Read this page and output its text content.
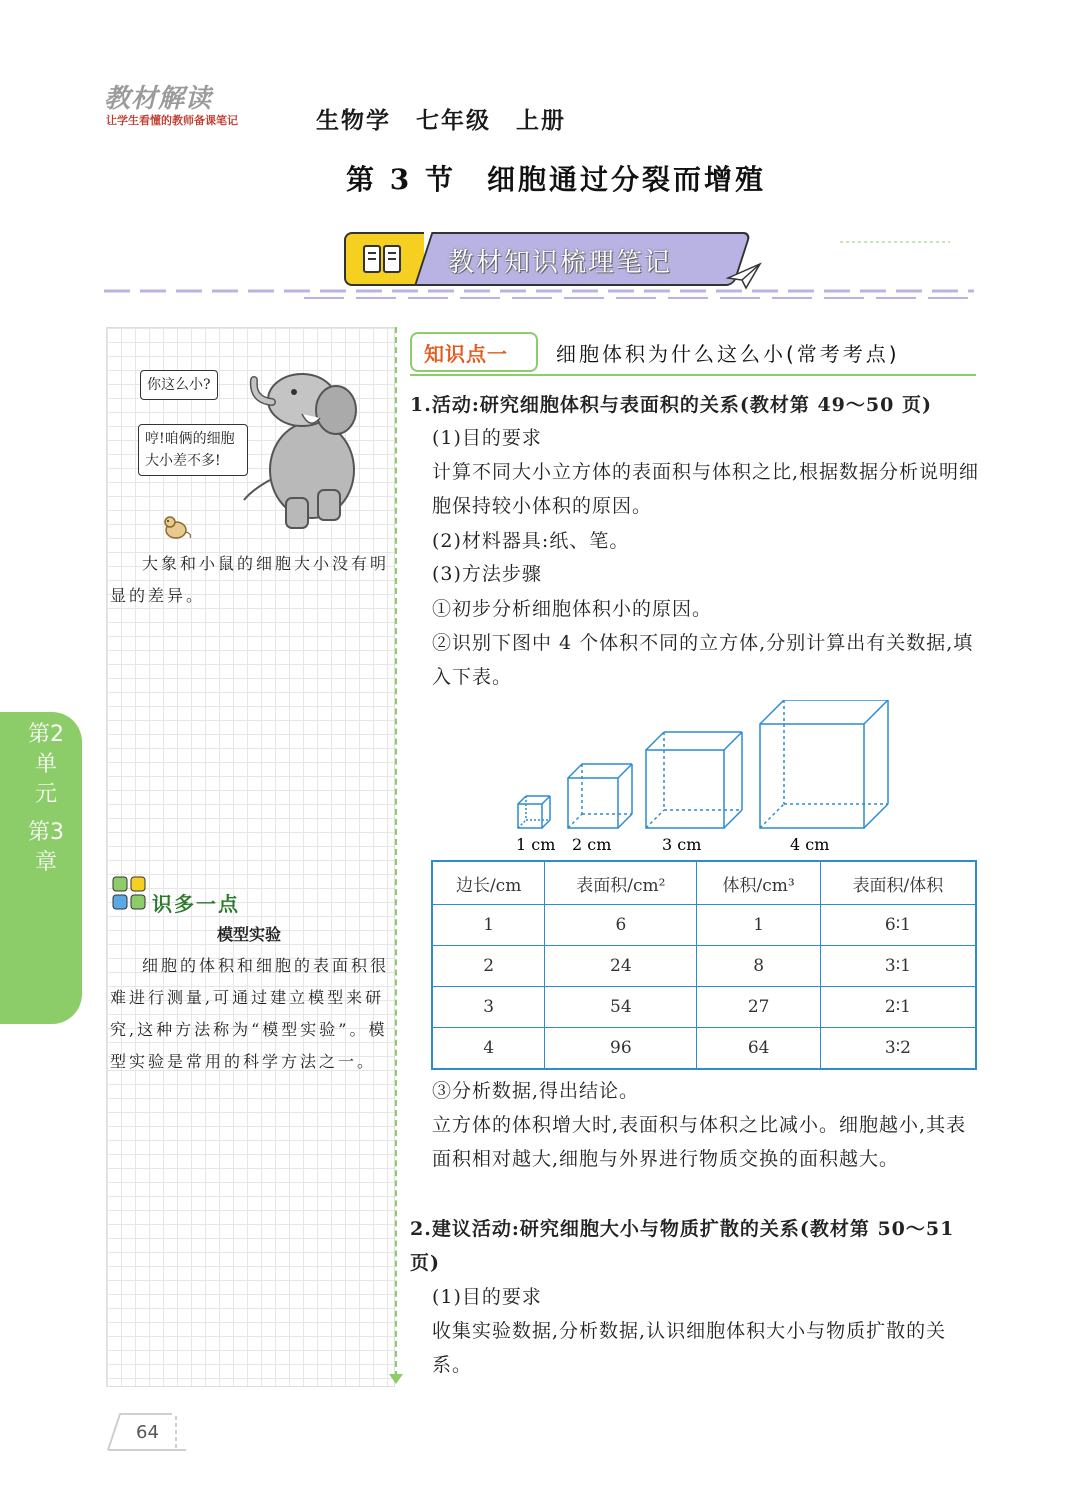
教材解读
让学生看懂的教师备课笔记	生物学　七年级　上册
第 3 节　细胞通过分裂而增殖
教材知识梳理笔记
你这么小?
哼!咱俩的细胞大小差不多!
大象和小鼠的细胞大小没有明显的差异。
识多一点
模型实验
细胞的体积和细胞的表面积很难进行测量,可通过建立模型来研究,这种方法称为“模型实验”。模型实验是常用的科学方法之一。
第2单元
第3章
知识点一 细胞体积为什么这么小(常考考点)
1.活动:研究细胞体积与表面积的关系(教材第 49～50 页)
(1)目的要求
计算不同大小立方体的表面积与体积之比,根据数据分析说明细胞保持较小体积的原因。
(2)材料器具:纸、笔。
(3)方法步骤
①初步分析细胞体积小的原因。
②识别下图中 4 个体积不同的立方体,分别计算出有关数据,填入下表。
1 cm 2 cm	3 cm	4 cm
边长/cm	表面积/cm²	体积/cm³	表面积/体积
1	6	1	6∶1
2	24	8	3∶1
3	54	27	2∶1
4	96	64	3∶2
③分析数据,得出结论。
立方体的体积增大时,表面积与体积之比减小。细胞越小,其表面积相对越大,细胞与外界进行物质交换的面积越大。
2.建议活动:研究细胞大小与物质扩散的关系(教材第 50～51 页)
(1)目的要求
收集实验数据,分析数据,认识细胞体积大小与物质扩散的关系。
64
